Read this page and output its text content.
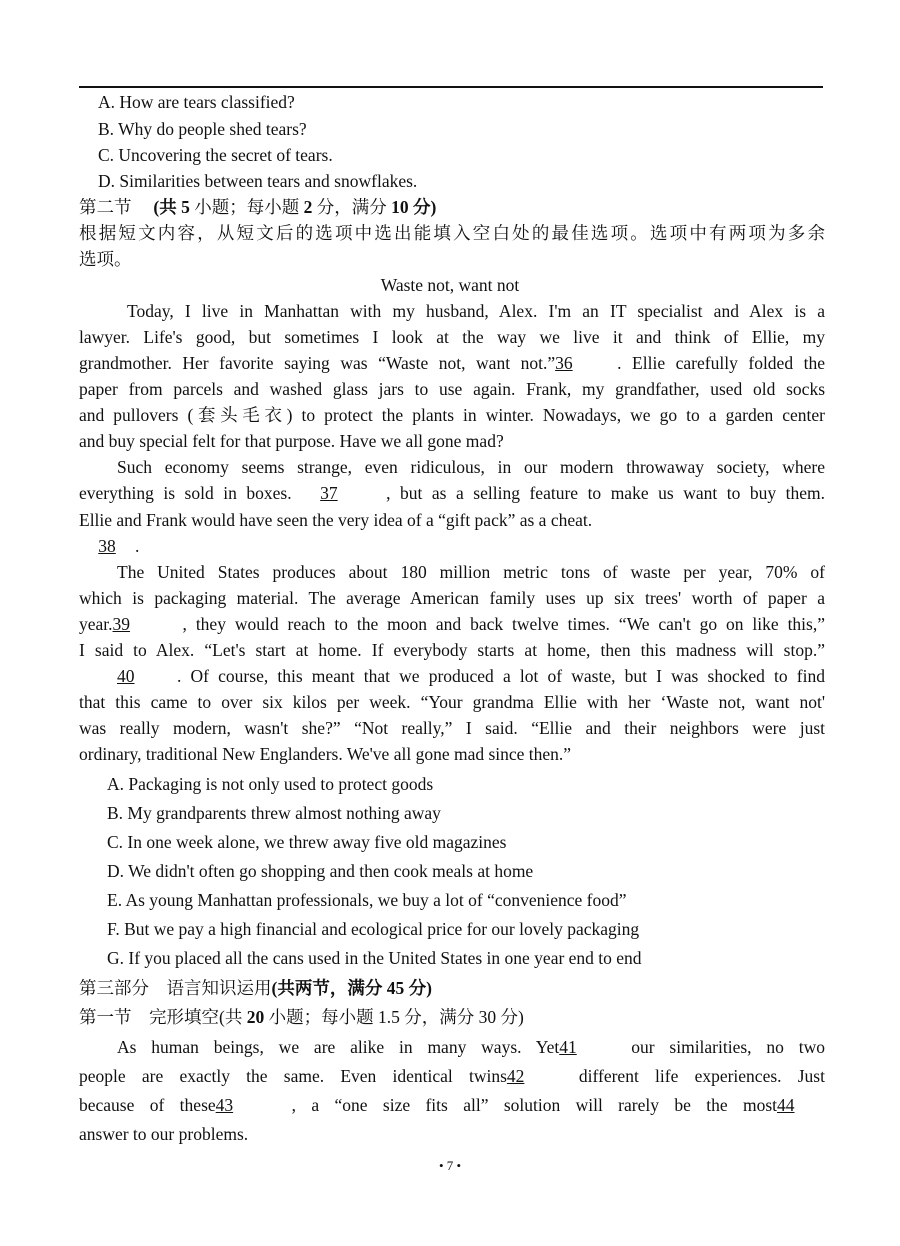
A. How are tears classified?
B. Why do people shed tears?
C. Uncovering the secret of tears.
D. Similarities between tears and snowflakes.
第二节  (共 5 小题；每小题 2 分，满分 10 分)
根据短文内容，从短文后的选项中选出能填入空白处的最佳选项。选项中有两项为多余
选项。
Waste not, want not
Today, I live in Manhattan with my husband, Alex. I'm an IT specialist and Alex is a
lawyer. Life's good, but sometimes I look at the way we live it and think of Ellie, my
grandmother. Her favorite saying was “Waste not, want not.”36	. Ellie carefully folded the
paper from parcels and washed glass jars to use again. Frank, my grandfather, used old socks
and pullovers (套头毛衣) to protect the plants in winter. Nowadays, we go to a garden center
and buy special felt for that purpose. Have we all gone mad?
Such economy seems strange, even ridiculous, in our modern throwaway society, where
everything is sold in boxes. 37	, but as a selling feature to make us want to buy them.
Ellie and Frank would have seen the very idea of a “gift pack” as a cheat.
38 .
The United States produces about 180 million metric tons of waste per year, 70% of
which is packaging material. The average American family uses up six trees' worth of paper a
year.39	, they would reach to the moon and back twelve times. “We can't go on like this,”
I said to Alex. “Let's start at home. If everybody starts at home, then this madness will stop.”
40 . Of course, this meant that we produced a lot of waste, but I was shocked to find
that this came to over six kilos per week. “Your grandma Ellie with her ‘Waste not, want not'
was really modern, wasn't she?” “Not really,” I said. “Ellie and their neighbors were just
ordinary, traditional New Englanders. We've all gone mad since then.”
A. Packaging is not only used to protect goods
B. My grandparents threw almost nothing away
C. In one week alone, we threw away five old magazines
D. We didn't often go shopping and then cook meals at home
E. As young Manhattan professionals, we buy a lot of “convenience food”
F. But we pay a high financial and ecological price for our lovely packaging
G. If you placed all the cans used in the United States in one year end to end
第三部分　语言知识运用(共两节，满分 45 分)
第一节　完形填空(共 20 小题；每小题 1.5 分，满分 30 分)
As human beings, we are alike in many ways. Yet41	our similarities, no two
people are exactly the same. Even identical twins42	different life experiences. Just
because of these43	, a “one size fits all” solution will rarely be the most44
answer to our problems.
• 7 •
